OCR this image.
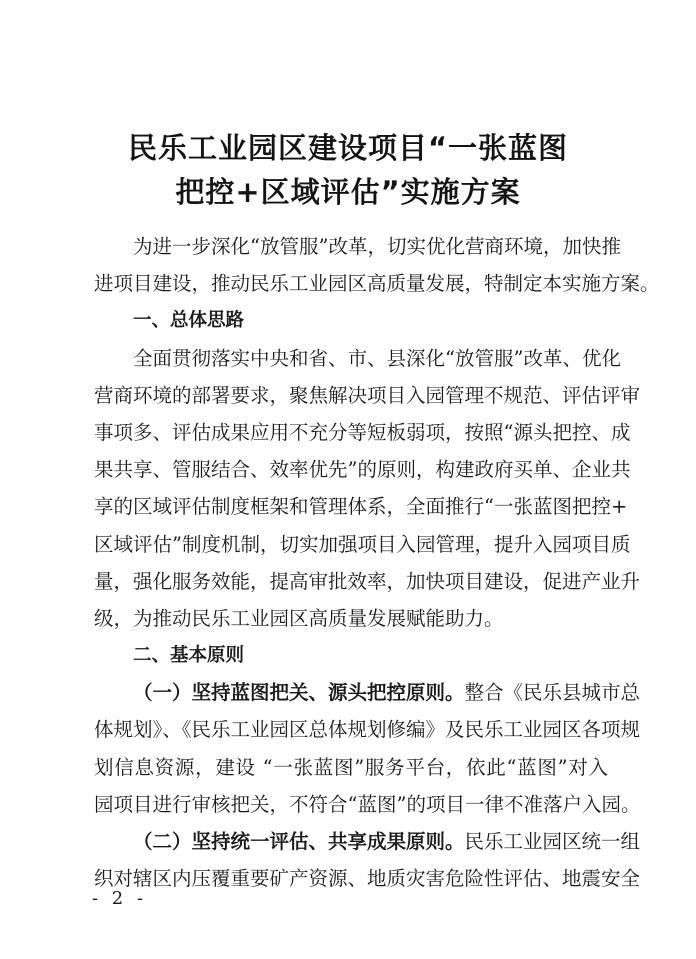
民乐工业园区建设项目“一张蓝图
把控+区域评估”实施方案
为进一步深化“放管服”改革，切实优化营商环境，加快推
进项目建设，推动民乐工业园区高质量发展，特制定本实施方案。
一、总体思路
全面贯彻落实中央和省、市、县深化“放管服”改革、优化
营商环境的部署要求，聚焦解决项目入园管理不规范、评估评审
事项多、评估成果应用不充分等短板弱项，按照“源头把控、成
果共享、管服结合、效率优先”的原则，构建政府买单、企业共
享的区域评估制度框架和管理体系，全面推行“一张蓝图把控+
区域评估”制度机制，切实加强项目入园管理，提升入园项目质
量，强化服务效能，提高审批效率，加快项目建设，促进产业升
级，为推动民乐工业园区高质量发展赋能助力。
二、基本原则
（一）坚持蓝图把关、源头把控原则。整合《民乐县城市总
体规划》、《民乐工业园区总体规划修编》及民乐工业园区各项规
划信息资源，建设 “一张蓝图”服务平台，依此“蓝图”对入
园项目进行审核把关，不符合“蓝图”的项目一律不准落户入园。
（二）坚持统一评估、共享成果原则。民乐工业园区统一组
织对辖区内压覆重要矿产资源、地质灾害危险性评估、地震安全
- 2 -
